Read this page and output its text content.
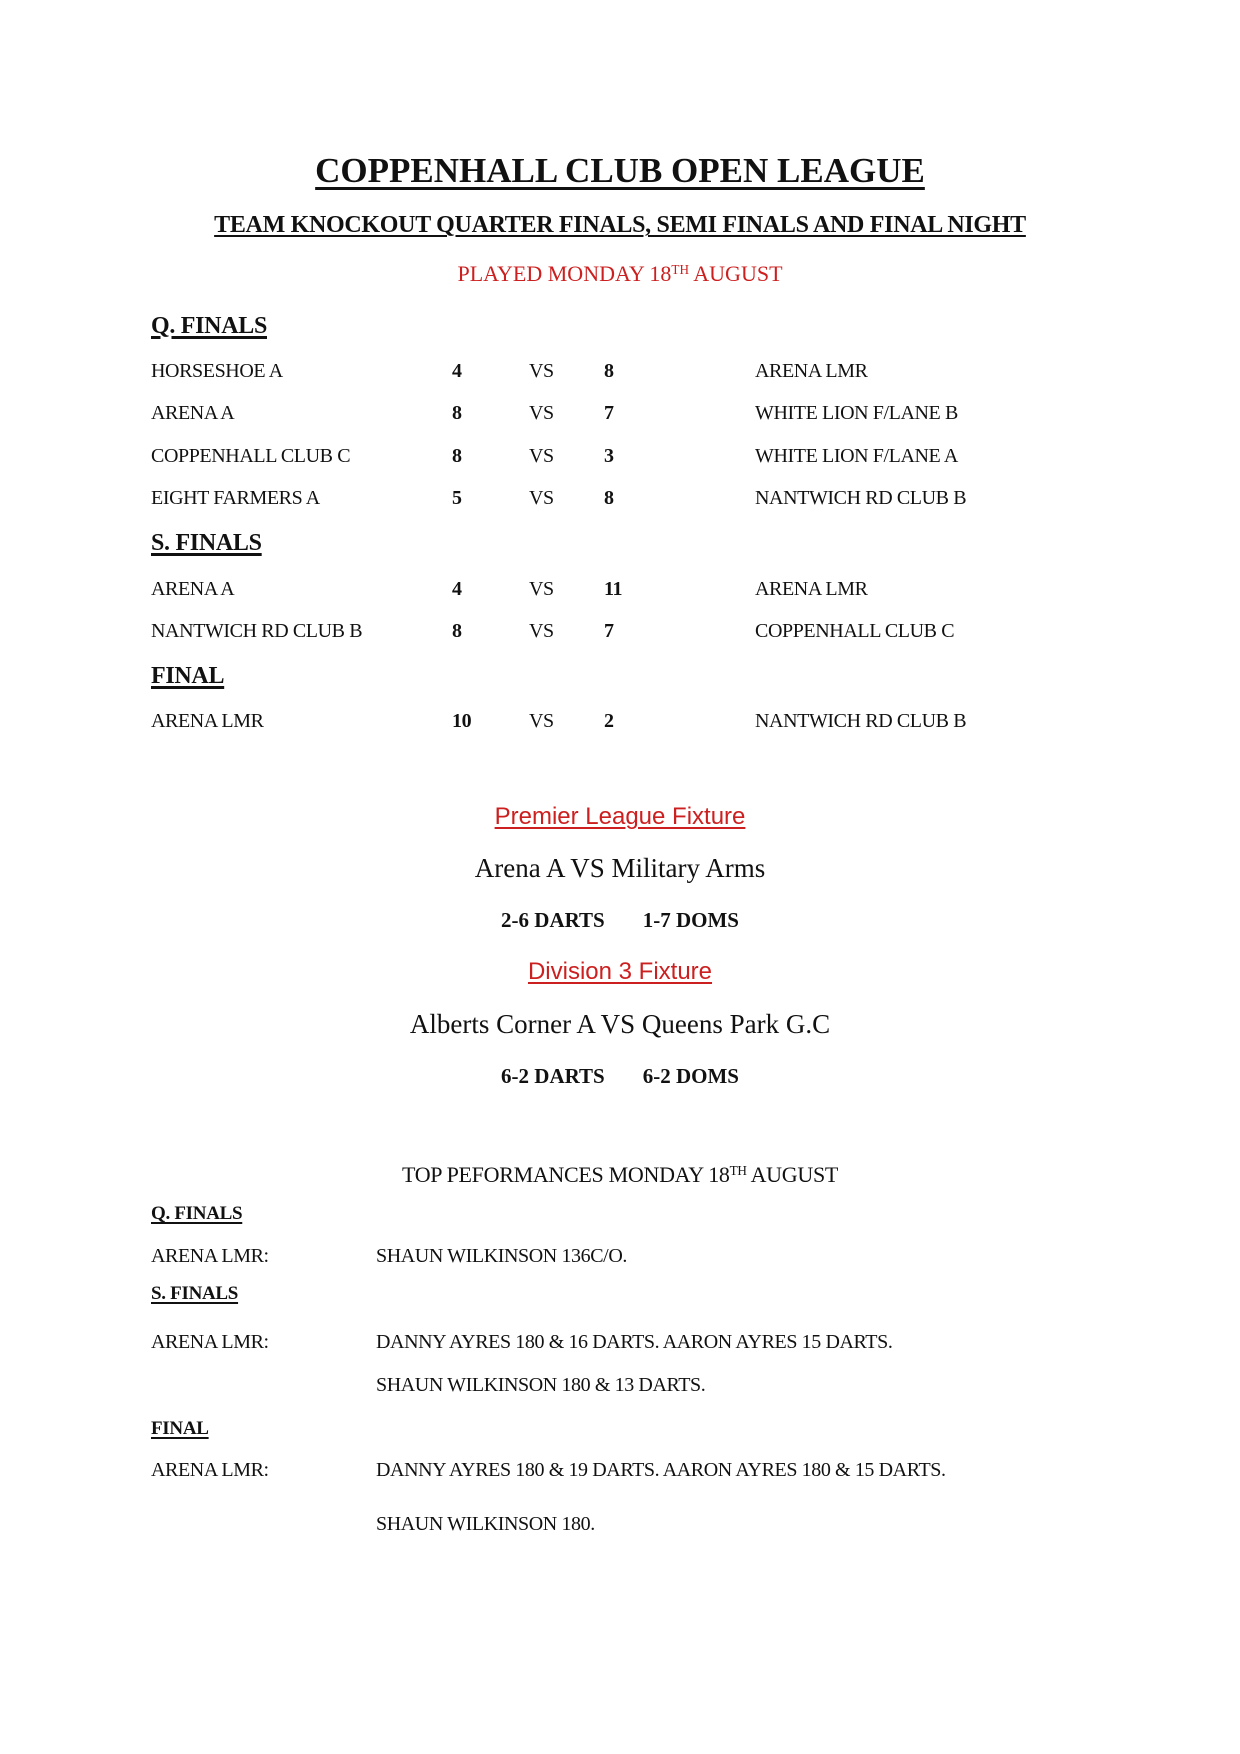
COPPENHALL CLUB OPEN LEAGUE
TEAM KNOCKOUT QUARTER FINALS, SEMI FINALS AND FINAL NIGHT
PLAYED MONDAY 18TH AUGUST
Q. FINALS
HORSESHOE A	4	VS	8	ARENA LMR
ARENA A	8	VS	7	WHITE LION F/LANE B
COPPENHALL CLUB C	8	VS	3	WHITE LION F/LANE A
EIGHT FARMERS A	5	VS	8	NANTWICH RD CLUB B
S. FINALS
ARENA A	4	VS	11	ARENA LMR
NANTWICH RD CLUB B	8	VS	7	COPPENHALL CLUB C
FINAL
ARENA LMR	10	VS	2	NANTWICH RD CLUB B
Premier League Fixture
Arena A VS Military Arms
2-6 DARTS 1-7 DOMS
Division 3 Fixture
Alberts Corner A VS Queens Park G.C
6-2 DARTS 6-2 DOMS
TOP PEFORMANCES MONDAY 18TH AUGUST
Q. FINALS
ARENA LMR:	SHAUN WILKINSON 136C/O.
S. FINALS
ARENA LMR:	DANNY AYRES 180 & 16 DARTS. AARON AYRES 15 DARTS.
SHAUN WILKINSON 180 & 13 DARTS.
FINAL
ARENA LMR:	DANNY AYRES 180 & 19 DARTS. AARON AYRES 180 & 15 DARTS.
SHAUN WILKINSON 180.
